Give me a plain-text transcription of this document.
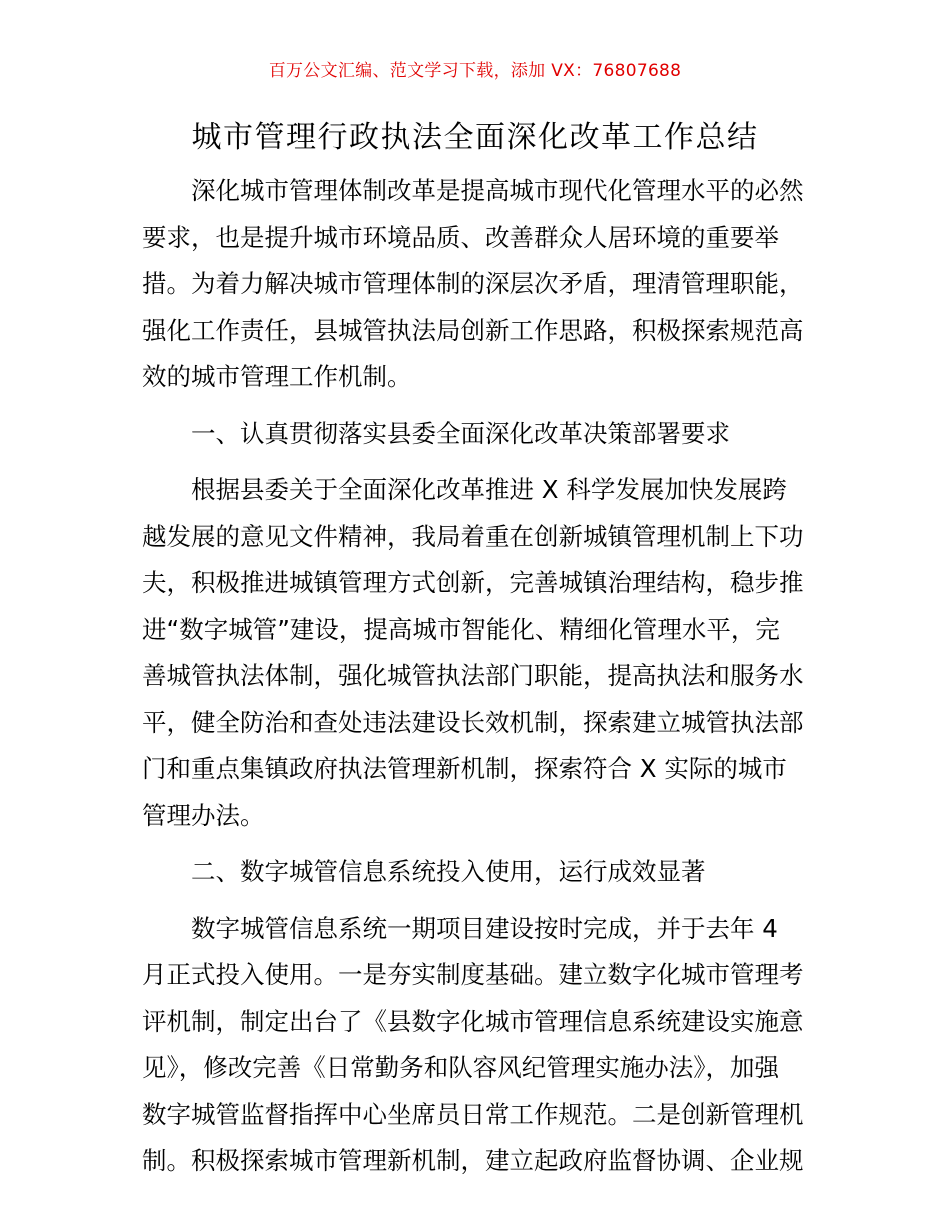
百万公文汇编、范文学习下载，添加 VX：76807688
城市管理行政执法全面深化改革工作总结
深化城市管理体制改革是提高城市现代化管理水平的必然
要求，也是提升城市环境品质、改善群众人居环境的重要举
措。为着力解决城市管理体制的深层次矛盾，理清管理职能，
强化工作责任，县城管执法局创新工作思路，积极探索规范高
效的城市管理工作机制。
一、认真贯彻落实县委全面深化改革决策部署要求
根据县委关于全面深化改革推进 X 科学发展加快发展跨
越发展的意见文件精神，我局着重在创新城镇管理机制上下功
夫，积极推进城镇管理方式创新，完善城镇治理结构，稳步推
进“数字城管”建设，提高城市智能化、精细化管理水平，完
善城管执法体制，强化城管执法部门职能，提高执法和服务水
平，健全防治和查处违法建设长效机制，探索建立城管执法部
门和重点集镇政府执法管理新机制，探索符合 X 实际的城市
管理办法。
二、数字城管信息系统投入使用，运行成效显著
数字城管信息系统一期项目建设按时完成，并于去年 4
月正式投入使用。一是夯实制度基础。建立数字化城市管理考
评机制，制定出台了《县数字化城市管理信息系统建设实施意
见》，修改完善《日常勤务和队容风纪管理实施办法》，加强
数字城管监督指挥中心坐席员日常工作规范。二是创新管理机
制。积极探索城市管理新机制，建立起政府监督协调、企业规
